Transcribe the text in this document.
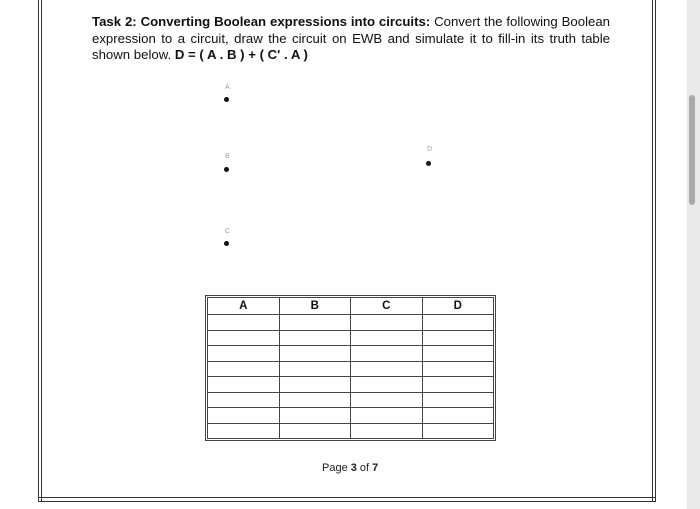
Task 2: Converting Boolean expressions into circuits: Convert the following Boolean expression to a circuit, draw the circuit on EWB and simulate it to fill-in its truth table shown below. D = ( A . B ) + ( C' . A )
A
B
C
D
A	B	C	D

Page 3 of 7
